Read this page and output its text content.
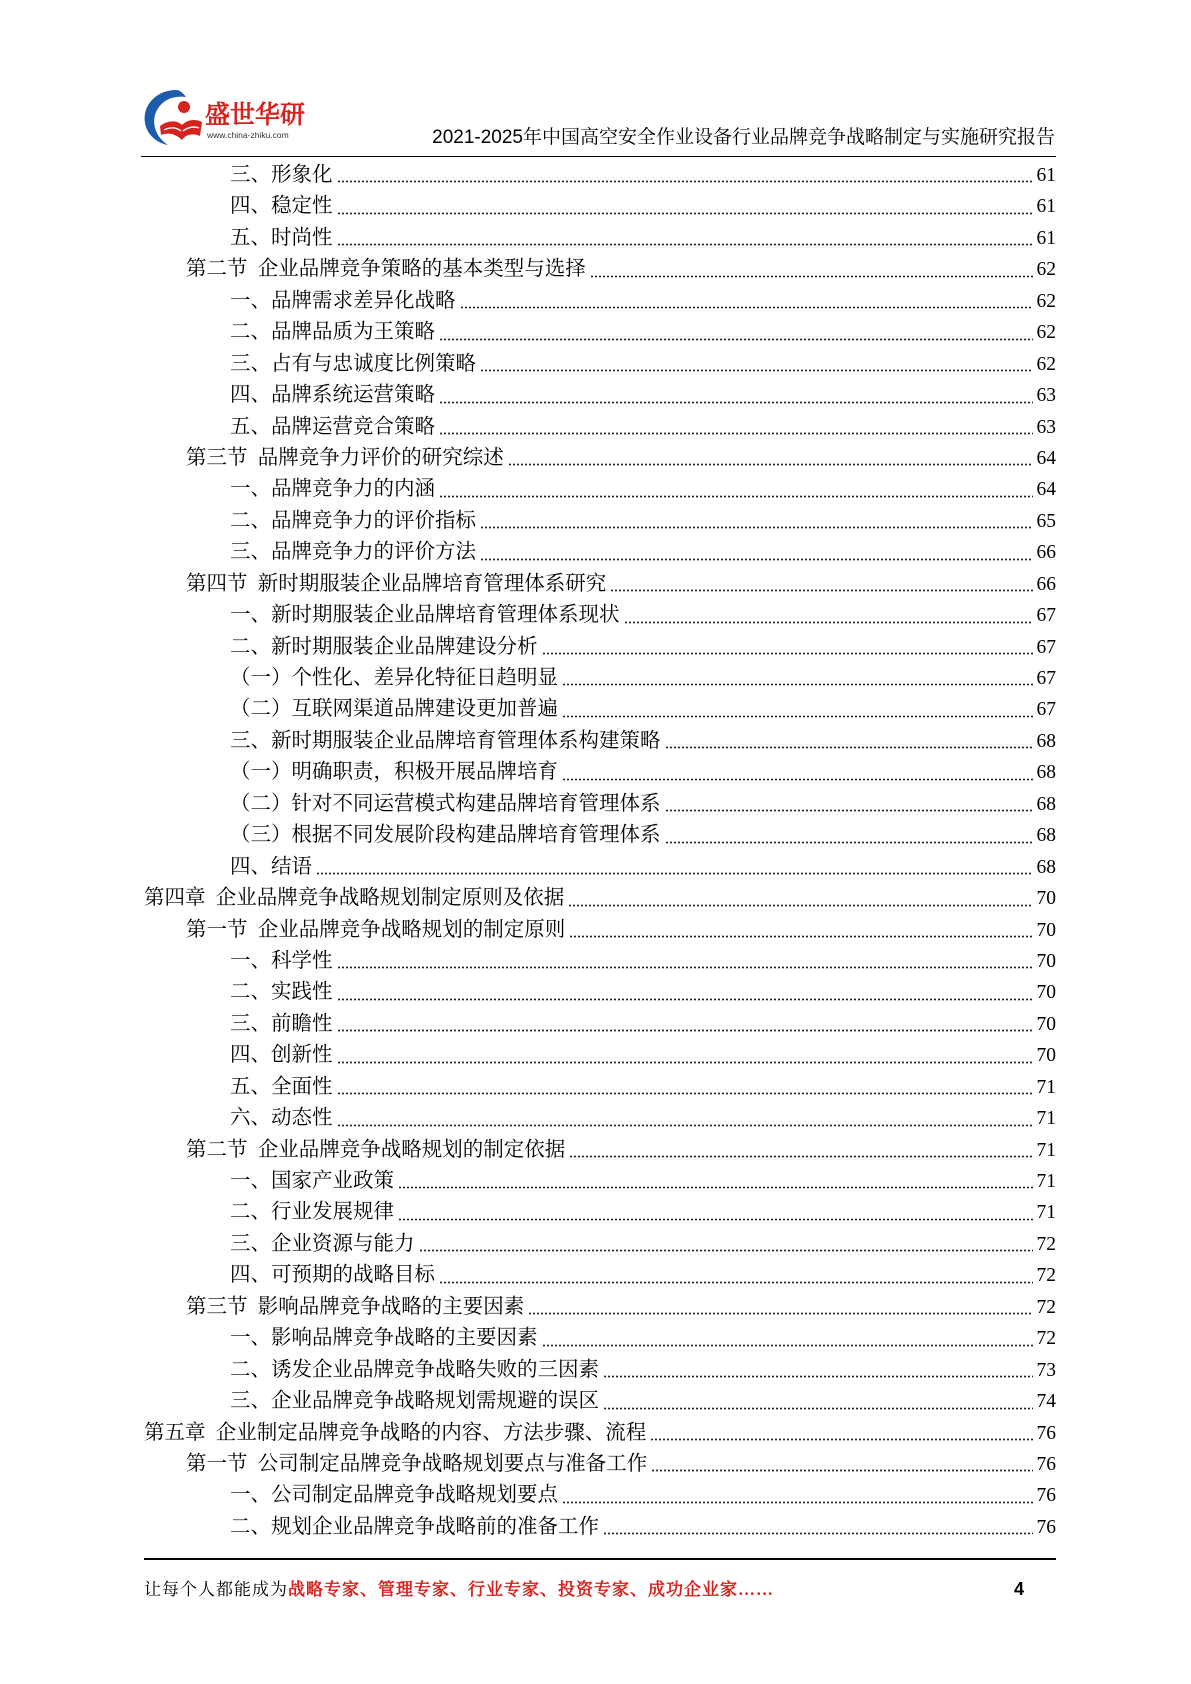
盛世华研
www.china-zhiku.com	2021-2025年中国高空安全作业设备行业品牌竞争战略制定与实施研究报告
三、 形象化	61
四、 稳定性	61
五、 时尚性	61
第二节 企业品牌竞争策略的基本类型与选择	62
一、 品牌需求差异化战略	62
二、 品牌品质为王策略	62
三、 占有与忠诚度比例策略	62
四、 品牌系统运营策略	63
五、 品牌运营竞合策略	63
第三节 品牌竞争力评价的研究综述	64
一、 品牌竞争力的内涵	64
二、 品牌竞争力的评价指标	65
三、 品牌竞争力的评价方法	66
第四节 新时期服装企业品牌培育管理体系研究	66
一、 新时期服装企业品牌培育管理体系现状	67
二、 新时期服装企业品牌建设分析	67
（一） 个性化、差异化特征日趋明显	67
（二） 互联网渠道品牌建设更加普遍	67
三、 新时期服装企业品牌培育管理体系构建策略	68
（一） 明确职责，积极开展品牌培育	68
（二） 针对不同运营模式构建品牌培育管理体系	68
（三） 根据不同发展阶段构建品牌培育管理体系	68
四、 结语	68
第四章 企业品牌竞争战略规划制定原则及依据	70
第一节 企业品牌竞争战略规划的制定原则	70
一、 科学性	70
二、 实践性	70
三、 前瞻性	70
四、 创新性	70
五、 全面性	71
六、 动态性	71
第二节 企业品牌竞争战略规划的制定依据	71
一、 国家产业政策	71
二、 行业发展规律	71
三、 企业资源与能力	72
四、 可预期的战略目标	72
第三节 影响品牌竞争战略的主要因素	72
一、 影响品牌竞争战略的主要因素	72
二、 诱发企业品牌竞争战略失败的三因素	73
三、 企业品牌竞争战略规划需规避的误区	74
第五章 企业制定品牌竞争战略的内容、方法步骤、流程	76
第一节 公司制定品牌竞争战略规划要点与准备工作	76
一、 公司制定品牌竞争战略规划要点	76
二、 规划企业品牌竞争战略前的准备工作	76
让每个人都能成为战略专家、管理专家、行业专家、投资专家、成功企业家……	4
